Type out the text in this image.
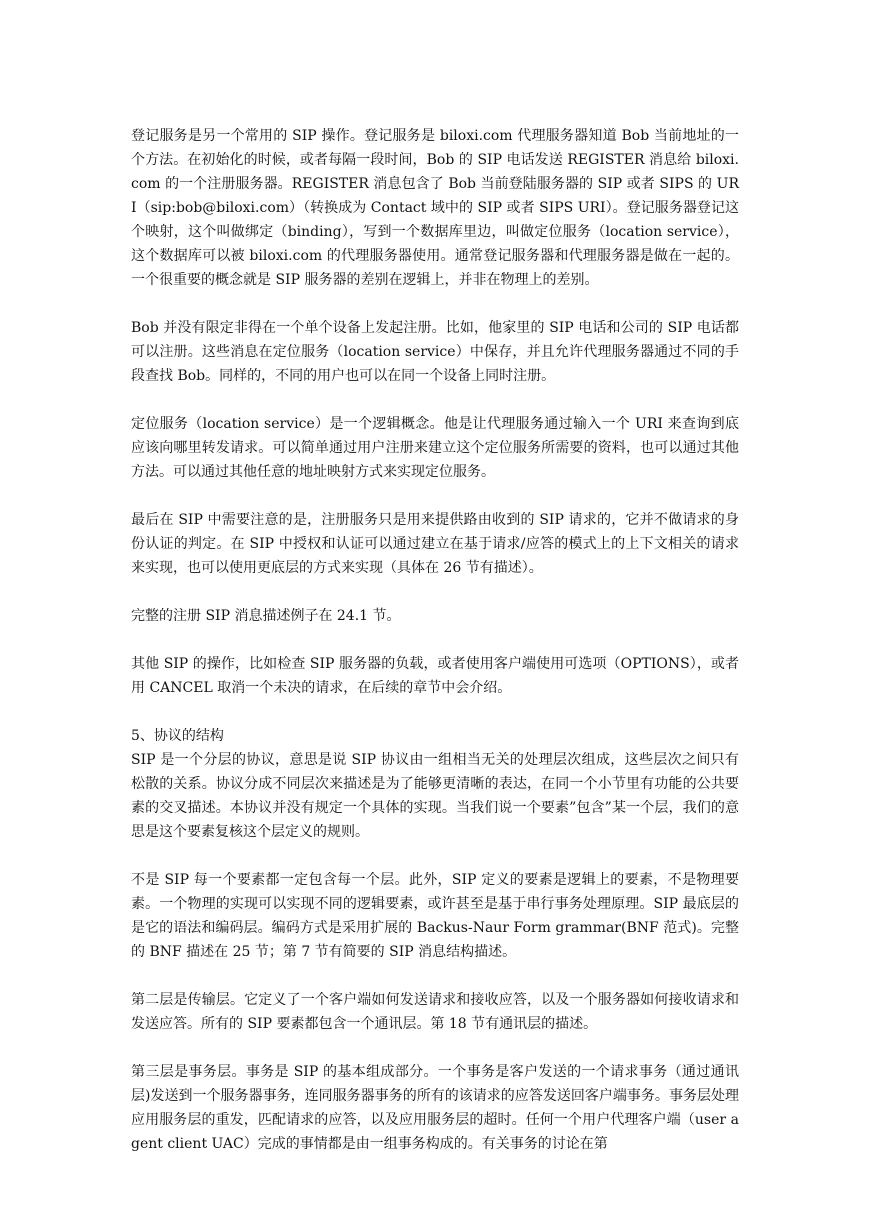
登记服务是另一个常用的 SIP 操作。登记服务是 biloxi.com 代理服务器知道 Bob 当前地址的一个方法。在初始化的时候，或者每隔一段时间，Bob 的 SIP 电话发送 REGISTER 消息给 biloxi.com 的一个注册服务器。REGISTER 消息包含了 Bob 当前登陆服务器的 SIP 或者 SIPS 的 URI（sip:bob@biloxi.com）（转换成为 Contact 域中的 SIP 或者 SIPS URI）。登记服务器登记这个映射，这个叫做绑定（binding），写到一个数据库里边，叫做定位服务（location service），这个数据库可以被 biloxi.com 的代理服务器使用。通常登记服务器和代理服务器是做在一起的。一个很重要的概念就是 SIP 服务器的差别在逻辑上，并非在物理上的差别。

Bob 并没有限定非得在一个单个设备上发起注册。比如，他家里的 SIP 电话和公司的 SIP 电话都可以注册。这些消息在定位服务（location service）中保存，并且允许代理服务器通过不同的手段查找 Bob。同样的，不同的用户也可以在同一个设备上同时注册。

定位服务（location service）是一个逻辑概念。他是让代理服务通过输入一个 URI 来查询到底应该向哪里转发请求。可以简单通过用户注册来建立这个定位服务所需要的资料，也可以通过其他方法。可以通过其他任意的地址映射方式来实现定位服务。

最后在 SIP 中需要注意的是，注册服务只是用来提供路由收到的 SIP 请求的，它并不做请求的身份认证的判定。在 SIP 中授权和认证可以通过建立在基于请求/应答的模式上的上下文相关的请求来实现，也可以使用更底层的方式来实现（具体在 26 节有描述）。

完整的注册 SIP 消息描述例子在 24.1 节。

其他 SIP 的操作，比如检查 SIP 服务器的负载，或者使用客户端使用可选项（OPTIONS），或者用 CANCEL 取消一个未决的请求，在后续的章节中会介绍。

5、协议的结构

SIP 是一个分层的协议，意思是说 SIP 协议由一组相当无关的处理层次组成，这些层次之间只有松散的关系。协议分成不同层次来描述是为了能够更清晰的表达，在同一个小节里有功能的公共要素的交叉描述。本协议并没有规定一个具体的实现。当我们说一个要素”包含”某一个层，我们的意思是这个要素复核这个层定义的规则。

不是 SIP 每一个要素都一定包含每一个层。此外，SIP 定义的要素是逻辑上的要素，不是物理要素。一个物理的实现可以实现不同的逻辑要素，或许甚至是基于串行事务处理原理。SIP 最底层的是它的语法和编码层。编码方式是采用扩展的 Backus-Naur Form grammar(BNF 范式)。完整的 BNF 描述在 25 节；第 7 节有简要的 SIP 消息结构描述。

第二层是传输层。它定义了一个客户端如何发送请求和接收应答，以及一个服务器如何接收请求和发送应答。所有的 SIP 要素都包含一个通讯层。第 18 节有通讯层的描述。

第三层是事务层。事务是 SIP 的基本组成部分。一个事务是客户发送的一个请求事务（通过通讯层)发送到一个服务器事务，连同服务器事务的所有的该请求的应答发送回客户端事务。事务层处理应用服务层的重发，匹配请求的应答，以及应用服务层的超时。任何一个用户代理客户端（user agent client UAC）完成的事情都是由一组事务构成的。有关事务的讨论在第
